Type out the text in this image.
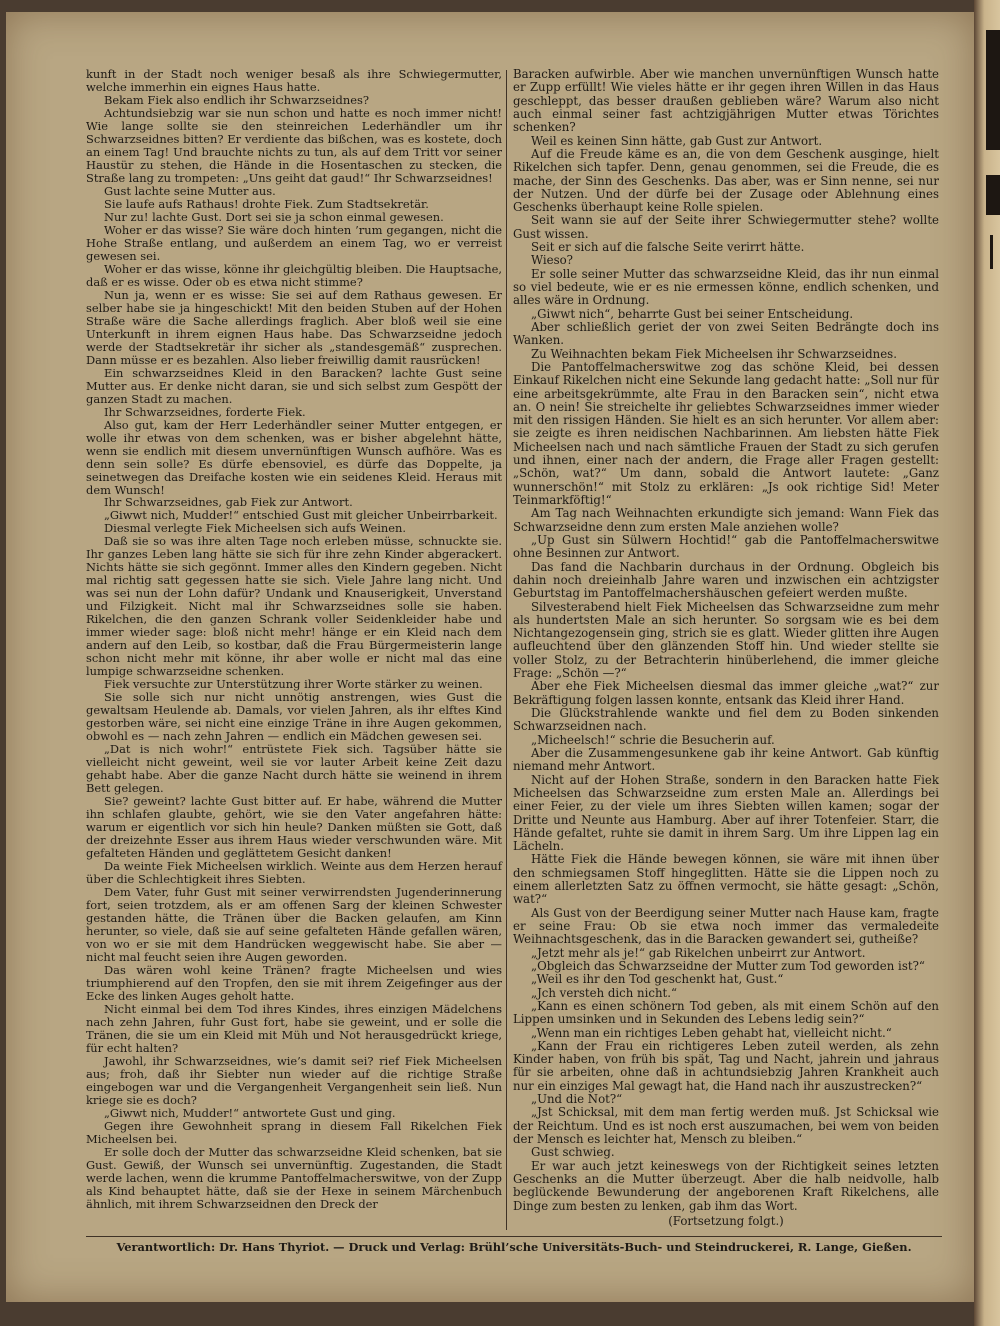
kunft in der Stadt noch weniger besaß als ihre Schwiegermutter, welche immerhin ein eignes Haus hatte.

Bekam Fiek also endlich ihr Schwarzseidnes?

Achtundsiebzig war sie nun schon und hatte es noch immer nicht! Wie lange sollte sie den steinreichen Lederhändler um ihr Schwarzseidnes bitten? Er verdiente das bißchen, was es kostete, doch an einem Tag! Und brauchte nichts zu tun, als auf dem Tritt vor seiner Haustür zu stehen, die Hände in die Hosentaschen zu stecken, die Straße lang zu trompeten: „Uns geiht dat gaud!“ Ihr Schwarzseidnes!

Gust lachte seine Mutter aus.

Sie laufe aufs Rathaus! drohte Fiek. Zum Stadtsekretär.

Nur zu! lachte Gust. Dort sei sie ja schon einmal gewesen.

Woher er das wisse? Sie wäre doch hinten ’rum gegangen, nicht die Hohe Straße entlang, und außerdem an einem Tag, wo er verreist gewesen sei.

Woher er das wisse, könne ihr gleichgültig bleiben. Die Hauptsache, daß er es wisse. Oder ob es etwa nicht stimme?

Nun ja, wenn er es wisse: Sie sei auf dem Rathaus gewesen. Er selber habe sie ja hingeschickt! Mit den beiden Stuben auf der Hohen Straße wäre die Sache allerdings fraglich. Aber bloß weil sie eine Unterkunft in ihrem eignen Haus habe. Das Schwarzseidne jedoch werde der Stadtsekretär ihr sicher als „standesgemäß“ zusprechen. Dann müsse er es bezahlen. Also lieber freiwillig damit rausrücken!

Ein schwarzseidnes Kleid in den Baracken? lachte Gust seine Mutter aus. Er denke nicht daran, sie und sich selbst zum Gespött der ganzen Stadt zu machen.

Ihr Schwarzseidnes, forderte Fiek.

Also gut, kam der Herr Lederhändler seiner Mutter entgegen, er wolle ihr etwas von dem schenken, was er bisher abgelehnt hätte, wenn sie endlich mit diesem unvernünftigen Wunsch aufhöre. Was es denn sein solle? Es dürfe ebensoviel, es dürfe das Doppelte, ja seinetwegen das Dreifache kosten wie ein seidenes Kleid. Heraus mit dem Wunsch!

Ihr Schwarzseidnes, gab Fiek zur Antwort.

„Giwwt nich, Mudder!“ entschied Gust mit gleicher Unbeirrbarkeit.

Diesmal verlegte Fiek Micheelsen sich aufs Weinen.

Daß sie so was ihre alten Tage noch erleben müsse, schnuckte sie. Ihr ganzes Leben lang hätte sie sich für ihre zehn Kinder abgerackert. Nichts hätte sie sich gegönnt. Immer alles den Kindern gegeben. Nicht mal richtig satt gegessen hatte sie sich. Viele Jahre lang nicht. Und was sei nun der Lohn dafür? Undank und Knauserigkeit, Unverstand und Filzigkeit. Nicht mal ihr Schwarzseidnes solle sie haben. Rikelchen, die den ganzen Schrank voller Seidenkleider habe und immer wieder sage: bloß nicht mehr! hänge er ein Kleid nach dem andern auf den Leib, so kostbar, daß die Frau Bürgermeisterin lange schon nicht mehr mit könne, ihr aber wolle er nicht mal das eine lumpige schwarzseidne schenken.

Fiek versuchte zur Unterstützung ihrer Worte stärker zu weinen.

Sie solle sich nur nicht unnötig anstrengen, wies Gust die gewaltsam Heulende ab. Damals, vor vielen Jahren, als ihr elftes Kind gestorben wäre, sei nicht eine einzige Träne in ihre Augen gekommen, obwohl es — nach zehn Jahren — endlich ein Mädchen gewesen sei.

„Dat is nich wohr!“ entrüstete Fiek sich. Tagsüber hätte sie vielleicht nicht geweint, weil sie vor lauter Arbeit keine Zeit dazu gehabt habe. Aber die ganze Nacht durch hätte sie weinend in ihrem Bett gelegen.

Sie? geweint? lachte Gust bitter auf. Er habe, während die Mutter ihn schlafen glaubte, gehört, wie sie den Vater angefahren hätte: warum er eigentlich vor sich hin heule? Danken müßten sie Gott, daß der dreizehnte Esser aus ihrem Haus wieder verschwunden wäre. Mit gefalteten Händen und geglättetem Gesicht danken!

Da weinte Fiek Micheelsen wirklich. Weinte aus dem Herzen herauf über die Schlechtigkeit ihres Siebten.

Dem Vater, fuhr Gust mit seiner verwirrendsten Jugenderinnerung fort, seien trotzdem, als er am offenen Sarg der kleinen Schwester gestanden hätte, die Tränen über die Backen gelaufen, am Kinn herunter, so viele, daß sie auf seine gefalteten Hände gefallen wären, von wo er sie mit dem Handrücken weggewischt habe. Sie aber — nicht mal feucht seien ihre Augen geworden.

Das wären wohl keine Tränen? fragte Micheelsen und wies triumphierend auf den Tropfen, den sie mit ihrem Zeigefinger aus der Ecke des linken Auges geholt hatte.

Nicht einmal bei dem Tod ihres Kindes, ihres einzigen Mädelchens nach zehn Jahren, fuhr Gust fort, habe sie geweint, und er solle die Tränen, die sie um ein Kleid mit Müh und Not herausgedrückt kriege, für echt halten?

Jawohl, ihr Schwarzseidnes, wie’s damit sei? rief Fiek Micheelsen aus; froh, daß ihr Siebter nun wieder auf die richtige Straße eingebogen war und die Vergangenheit Vergangenheit sein ließ. Nun kriege sie es doch?

„Giwwt nich, Mudder!“ antwortete Gust und ging.

Gegen ihre Gewohnheit sprang in diesem Fall Rikelchen Fiek Micheelsen bei.

Er solle doch der Mutter das schwarzseidne Kleid schenken, bat sie Gust. Gewiß, der Wunsch sei unvernünftig. Zugestanden, die Stadt werde lachen, wenn die krumme Pantoffelmacherswitwe, von der Zupp als Kind behauptet hätte, daß sie der Hexe in seinem Märchenbuch ähnlich, mit ihrem Schwarzseidnen den Dreck der

Baracken aufwirble. Aber wie manchen unvernünftigen Wunsch hatte er Zupp erfüllt! Wie vieles hätte er ihr gegen ihren Willen in das Haus geschleppt, das besser draußen geblieben wäre? Warum also nicht auch einmal seiner fast achtzigjährigen Mutter etwas Törichtes schenken?

Weil es keinen Sinn hätte, gab Gust zur Antwort.

Auf die Freude käme es an, die von dem Geschenk ausginge, hielt Rikelchen sich tapfer. Denn, genau genommen, sei die Freude, die es mache, der Sinn des Geschenks. Das aber, was er Sinn nenne, sei nur der Nutzen. Und der dürfe bei der Zusage oder Ablehnung eines Geschenks überhaupt keine Rolle spielen.

Seit wann sie auf der Seite ihrer Schwiegermutter stehe? wollte Gust wissen.

Seit er sich auf die falsche Seite verirrt hätte.

Wieso?

Er solle seiner Mutter das schwarzseidne Kleid, das ihr nun einmal so viel bedeute, wie er es nie ermessen könne, endlich schenken, und alles wäre in Ordnung.

„Giwwt nich“, beharrte Gust bei seiner Entscheidung.

Aber schließlich geriet der von zwei Seiten Bedrängte doch ins Wanken.

Zu Weihnachten bekam Fiek Micheelsen ihr Schwarzseidnes.

Die Pantoffelmacherswitwe zog das schöne Kleid, bei dessen Einkauf Rikelchen nicht eine Sekunde lang gedacht hatte: „Soll nur für eine arbeitsgekrümmte, alte Frau in den Baracken sein“, nicht etwa an. O nein! Sie streichelte ihr geliebtes Schwarzseidnes immer wieder mit den rissigen Händen. Sie hielt es an sich herunter. Vor allem aber: sie zeigte es ihren neidischen Nachbarinnen. Am liebsten hätte Fiek Micheelsen nach und nach sämtliche Frauen der Stadt zu sich gerufen und ihnen, einer nach der andern, die Frage aller Fragen gestellt: „Schön, wat?“ Um dann, sobald die Antwort lautete: „Ganz wunnerschön!“ mit Stolz zu erklären: „Js ook richtige Sid! Meter Teinmarkföftig!“

Am Tag nach Weihnachten erkundigte sich jemand: Wann Fiek das Schwarzseidne denn zum ersten Male anziehen wolle?

„Up Gust sin Sülwern Hochtid!“ gab die Pantoffelmacherswitwe ohne Besinnen zur Antwort.

Das fand die Nachbarin durchaus in der Ordnung. Obgleich bis dahin noch dreieinhalb Jahre waren und inzwischen ein achtzigster Geburtstag im Pantoffelmachershäuschen gefeiert werden mußte.

Silvesterabend hielt Fiek Micheelsen das Schwarzseidne zum mehr als hundertsten Male an sich herunter. So sorgsam wie es bei dem Nichtangezogensein ging, strich sie es glatt. Wieder glitten ihre Augen aufleuchtend über den glänzenden Stoff hin. Und wieder stellte sie voller Stolz, zu der Betrachterin hinüberlehend, die immer gleiche Frage: „Schön —?“

Aber ehe Fiek Micheelsen diesmal das immer gleiche „wat?“ zur Bekräftigung folgen lassen konnte, entsank das Kleid ihrer Hand.

Die Glückstrahlende wankte und fiel dem zu Boden sinkenden Schwarzseidnen nach.

„Micheelsch!“ schrie die Besucherin auf.

Aber die Zusammengesunkene gab ihr keine Antwort. Gab künftig niemand mehr Antwort.

Nicht auf der Hohen Straße, sondern in den Baracken hatte Fiek Micheelsen das Schwarzseidne zum ersten Male an. Allerdings bei einer Feier, zu der viele um ihres Siebten willen kamen; sogar der Dritte und Neunte aus Hamburg. Aber auf ihrer Totenfeier. Starr, die Hände gefaltet, ruhte sie damit in ihrem Sarg. Um ihre Lippen lag ein Lächeln.

Hätte Fiek die Hände bewegen können, sie wäre mit ihnen über den schmiegsamen Stoff hingeglitten. Hätte sie die Lippen noch zu einem allerletzten Satz zu öffnen vermocht, sie hätte gesagt: „Schön, wat?“

Als Gust von der Beerdigung seiner Mutter nach Hause kam, fragte er seine Frau: Ob sie etwa noch immer das vermaledeite Weihnachtsgeschenk, das in die Baracken gewandert sei, gutheiße?

„Jetzt mehr als je!“ gab Rikelchen unbeirrt zur Antwort.

„Obgleich das Schwarzseidne der Mutter zum Tod geworden ist?“

„Weil es ihr den Tod geschenkt hat, Gust.“

„Jch versteh dich nicht.“

„Kann es einen schönern Tod geben, als mit einem Schön auf den Lippen umsinken und in Sekunden des Lebens ledig sein?“

„Wenn man ein richtiges Leben gehabt hat, vielleicht nicht.“

„Kann der Frau ein richtigeres Leben zuteil werden, als zehn Kinder haben, von früh bis spät, Tag und Nacht, jahrein und jahraus für sie arbeiten, ohne daß in achtundsiebzig Jahren Krankheit auch nur ein einziges Mal gewagt hat, die Hand nach ihr auszustrecken?“

„Und die Not?“

„Jst Schicksal, mit dem man fertig werden muß. Jst Schicksal wie der Reichtum. Und es ist noch erst auszumachen, bei wem von beiden der Mensch es leichter hat, Mensch zu bleiben.“

Gust schwieg.

Er war auch jetzt keineswegs von der Richtigkeit seines letzten Geschenks an die Mutter überzeugt. Aber die halb neidvolle, halb beglückende Bewunderung der angeborenen Kraft Rikelchens, alle Dinge zum besten zu lenken, gab ihm das Wort.

(Fortsetzung folgt.)

Verantwortlich: Dr. Hans Thyriot. — Druck und Verlag: Brühl’sche Universitäts-Buch- und Steindruckerei, R. Lange, Gießen.
